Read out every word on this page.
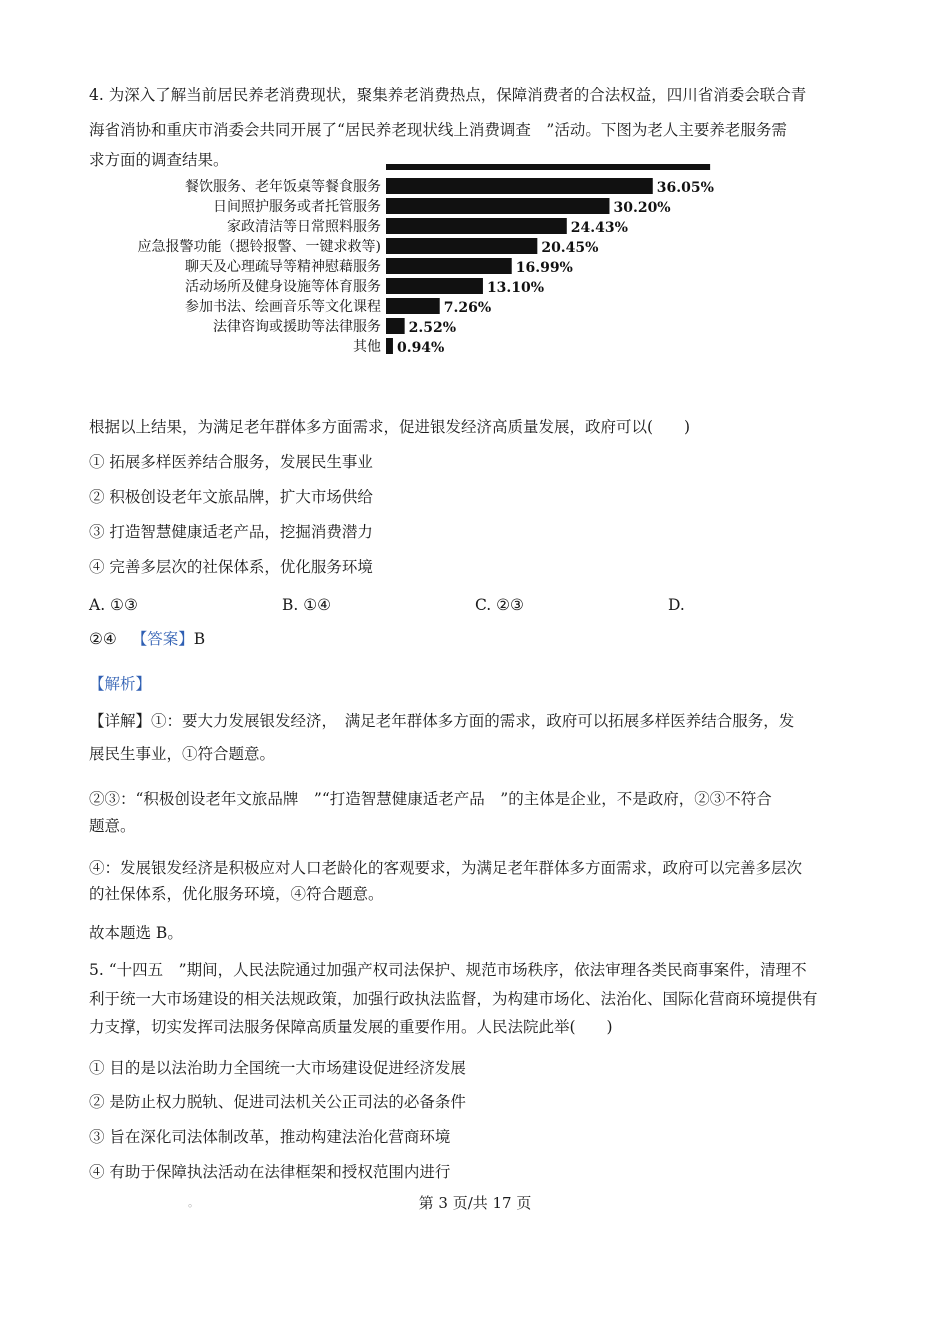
4. 为深入了解当前居民养老消费现状，聚集养老消费热点，保障消费者的合法权益，四川省消委会联合青
海省消协和重庆市消委会共同开展了“居民养老现状线上消费调查　”活动。下图为老人主要养老服务需
求方面的调查结果。
餐饮服务、老年饭桌等餐食服务	36.05%
日间照护服务或者托管服务	30.20%
家政清洁等日常照料服务	24.43%
应急报警功能（摁铃报警、一键求救等)	20.45%
聊天及心理疏导等精神慰藉服务	16.99%
活动场所及健身设施等体育服务	13.10%
参加书法、绘画音乐等文化课程	7.26%
法律咨询或援助等法律服务 2.52%
其他 0.94%
根据以上结果，为满足老年群体多方面需求，促进银发经济高质量发展，政府可以(　　)
① 拓展多样医养结合服务，发展民生事业
② 积极创设老年文旅品牌，扩大市场供给
③ 打造智慧健康适老产品，挖掘消费潜力
④ 完善多层次的社保体系，优化服务环境
A. ①③	B. ①④	C. ②③	D.
②④ 【答案】B
【解析】
【详解】①：要大力发展银发经济，　满足老年群体多方面的需求，政府可以拓展多样医养结合服务，发
展民生事业，①符合题意。
②③：“积极创设老年文旅品牌　”“打造智慧健康适老产品　”的主体是企业，不是政府，②③不符合
题意。
④：发展银发经济是积极应对人口老龄化的客观要求，为满足老年群体多方面需求，政府可以完善多层次
的社保体系，优化服务环境，④符合题意。
故本题选 B。
5. “十四五　”期间，人民法院通过加强产权司法保护、规范市场秩序，依法审理各类民商事案件，清理不
利于统一大市场建设的相关法规政策，加强行政执法监督，为构建市场化、法治化、国际化营商环境提供有
力支撑，切实发挥司法服务保障高质量发展的重要作用。人民法院此举(　　)
① 目的是以法治助力全国统一大市场建设促进经济发展
② 是防止权力脱轨、促进司法机关公正司法的必备条件
③ 旨在深化司法体制改革，推动构建法治化营商环境
④ 有助于保障执法活动在法律框架和授权范围内进行
。	第 3 页/共 17 页
